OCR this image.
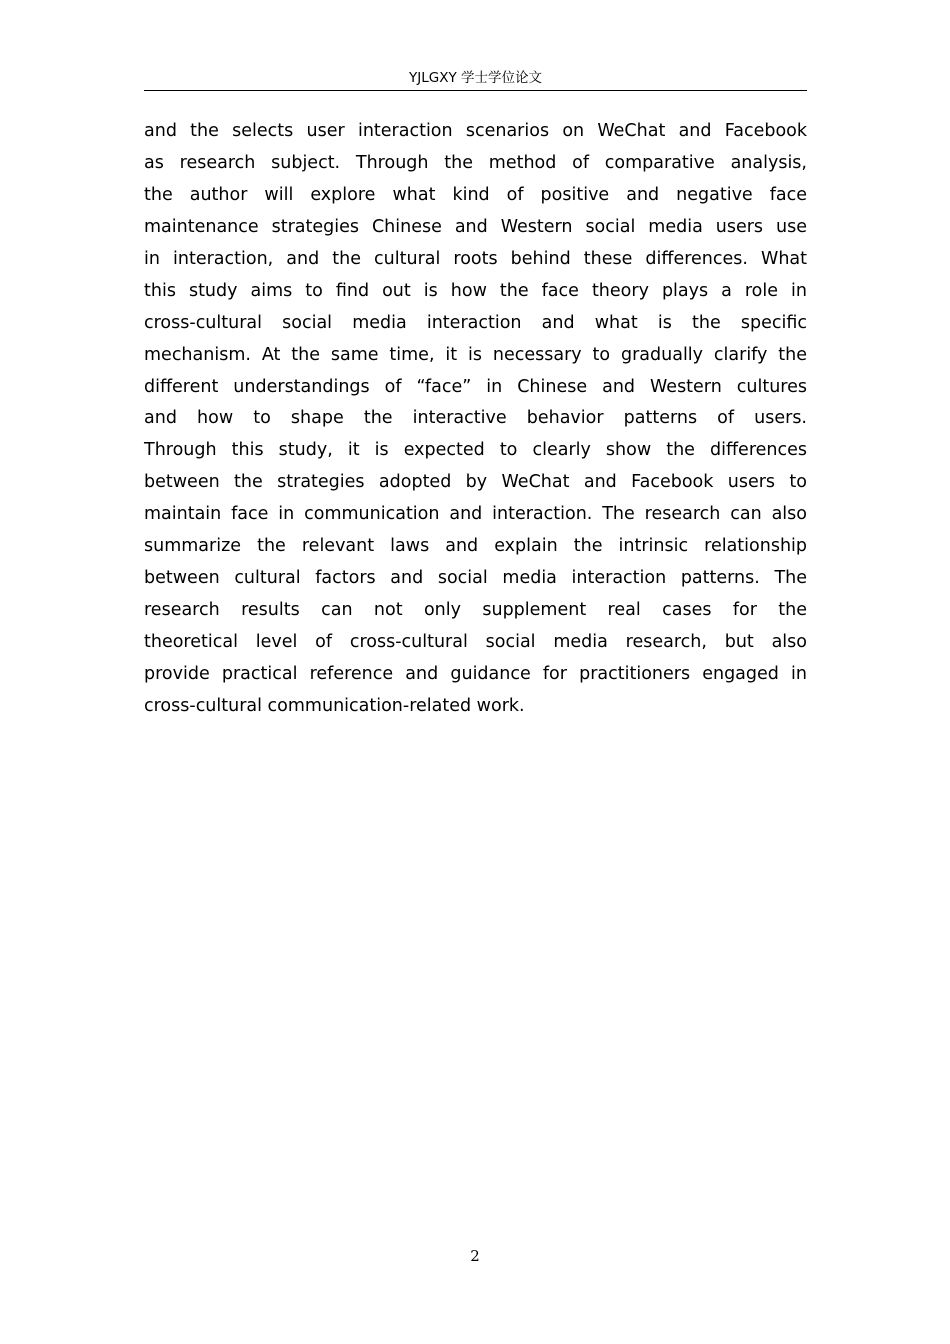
YJLGXY 学士学位论文
and the selects user interaction scenarios on WeChat and Facebook
as research subject. Through the method of comparative analysis,
the author will explore what kind of positive and negative face
maintenance strategies Chinese and Western social media users use
in interaction, and the cultural roots behind these differences. What
this study aims to find out is how the face theory plays a role in
cross-cultural social media interaction and what is the specific
mechanism. At the same time, it is necessary to gradually clarify the
different understandings of “face” in Chinese and Western cultures
and how to shape the interactive behavior patterns of users.
Through this study, it is expected to clearly show the differences
between the strategies adopted by WeChat and Facebook users to
maintain face in communication and interaction. The research can also
summarize the relevant laws and explain the intrinsic relationship
between cultural factors and social media interaction patterns. The
research results can not only supplement real cases for the
theoretical level of cross-cultural social media research, but also
provide practical reference and guidance for practitioners engaged in
cross-cultural communication-related work.
2
